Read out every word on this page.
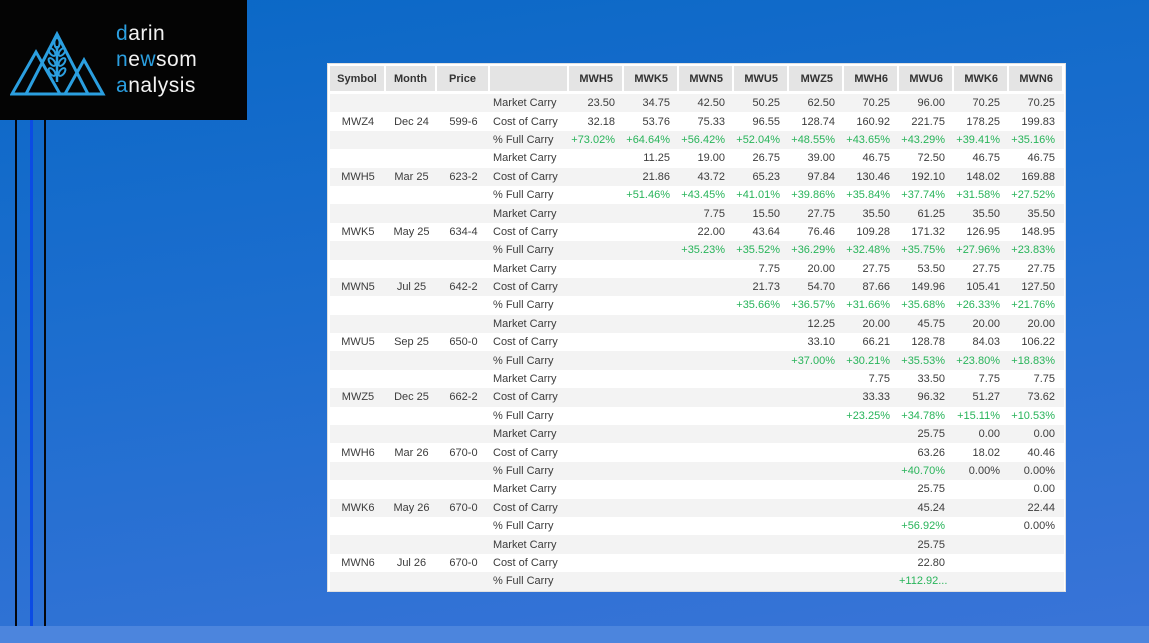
darin
newsom
analysis	Symbol	Month	Price		MWH5	MWK5	MWN5	MWU5	MWZ5	MWH6	MWU6	MWK6	MWN6
			Market Carry	23.50	34.75	42.50	50.25	62.50	70.25	96.00	70.25	70.25
MWZ4	Dec 24	599-6	Cost of Carry	32.18	53.76	75.33	96.55	128.74	160.92	221.75	178.25	199.83
			% Full Carry	+73.02%	+64.64%	+56.42%	+52.04%	+48.55%	+43.65%	+43.29%	+39.41%	+35.16%
			Market Carry		11.25	19.00	26.75	39.00	46.75	72.50	46.75	46.75
MWH5	Mar 25	623-2	Cost of Carry		21.86	43.72	65.23	97.84	130.46	192.10	148.02	169.88
			% Full Carry		+51.46%	+43.45%	+41.01%	+39.86%	+35.84%	+37.74%	+31.58%	+27.52%
			Market Carry			7.75	15.50	27.75	35.50	61.25	35.50	35.50
MWK5	May 25	634-4	Cost of Carry			22.00	43.64	76.46	109.28	171.32	126.95	148.95
			% Full Carry			+35.23%	+35.52%	+36.29%	+32.48%	+35.75%	+27.96%	+23.83%
			Market Carry				7.75	20.00	27.75	53.50	27.75	27.75
MWN5	Jul 25	642-2	Cost of Carry				21.73	54.70	87.66	149.96	105.41	127.50
			% Full Carry				+35.66%	+36.57%	+31.66%	+35.68%	+26.33%	+21.76%
			Market Carry					12.25	20.00	45.75	20.00	20.00
MWU5	Sep 25	650-0	Cost of Carry					33.10	66.21	128.78	84.03	106.22
			% Full Carry					+37.00%	+30.21%	+35.53%	+23.80%	+18.83%
			Market Carry						7.75	33.50	7.75	7.75
MWZ5	Dec 25	662-2	Cost of Carry						33.33	96.32	51.27	73.62
			% Full Carry						+23.25%	+34.78%	+15.11%	+10.53%
			Market Carry							25.75	0.00	0.00
MWH6	Mar 26	670-0	Cost of Carry							63.26	18.02	40.46
			% Full Carry							+40.70%	0.00%	0.00%
			Market Carry							25.75		0.00
MWK6	May 26	670-0	Cost of Carry							45.24		22.44
			% Full Carry							+56.92%		0.00%
			Market Carry							25.75		
MWN6	Jul 26	670-0	Cost of Carry							22.80		
			% Full Carry							+112.92...		
